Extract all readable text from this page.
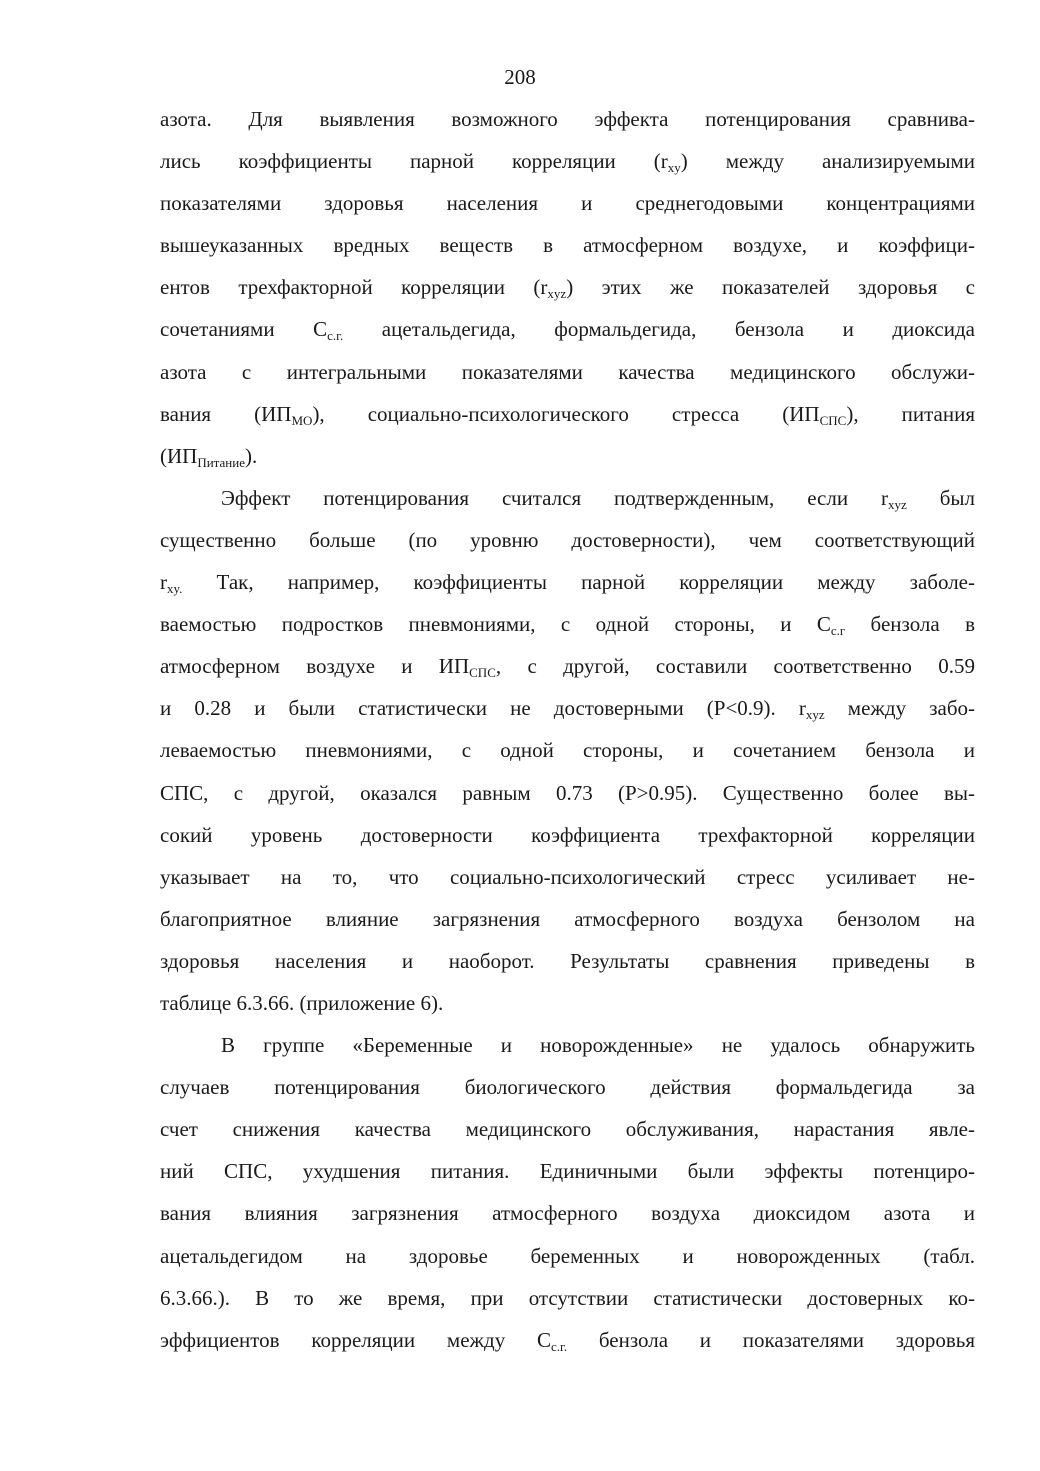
208
азота. Для выявления возможного эффекта потенцирования сравнива-
лись коэффициенты парной корреляции $(r_{xy})$ между анализируемыми
показателями здоровья населения и среднегодовыми концентрациями
вышеуказанных вредных веществ в атмосферном воздухе, и коэффици-
ентов трехфакторной корреляции $(r_{xyz})$ этих же показателей здоровья с
сочетаниями $С_{с.г.}$ ацетальдегида, формальдегида, бензола и диоксида
азота с интегральными показателями качества медицинского обслужи-
вания $(ИП_{МО})$, социально-психологического стресса $(ИП_{СПС})$, питания
$(ИП_{Питание})$.
Эффект потенцирования считался подтвержденным, если $r_{xyz}$ был
существенно больше (по уровню достоверности), чем соответствующий
$r_{xy.}$ Так, например, коэффициенты парной корреляции между заболе-
ваемостью подростков пневмониями, с одной стороны, и $С_{с.г}$ бензола в
атмосферном воздухе и $ИП_{СПС}$, с другой, составили соответственно 0.59
и 0.28 и были статистически не достоверными (Р<0.9). $r_{xyz}$ между забо-
леваемостью пневмониями, с одной стороны, и сочетанием бензола и
СПС, с другой, оказался равным 0.73 (Р>0.95). Существенно более вы-
сокий уровень достоверности коэффициента трехфакторной корреляции
указывает на то, что социально-психологический стресс усиливает не-
благоприятное влияние загрязнения атмосферного воздуха бензолом на
здоровья населения и наоборот. Результаты сравнения приведены в
таблице 6.3.66. (приложение 6).
В группе «Беременные и новорожденные» не удалось обнаружить
случаев потенцирования биологического действия формальдегида за
счет снижения качества медицинского обслуживания, нарастания явле-
ний СПС, ухудшения питания. Единичными были эффекты потенциро-
вания влияния загрязнения атмосферного воздуха диоксидом азота и
ацетальдегидом на здоровье беременных и новорожденных (табл.
6.3.66.). В то же время, при отсутствии статистически достоверных ко-
эффициентов корреляции между $С_{с.г.}$ бензола и показателями здоровья
